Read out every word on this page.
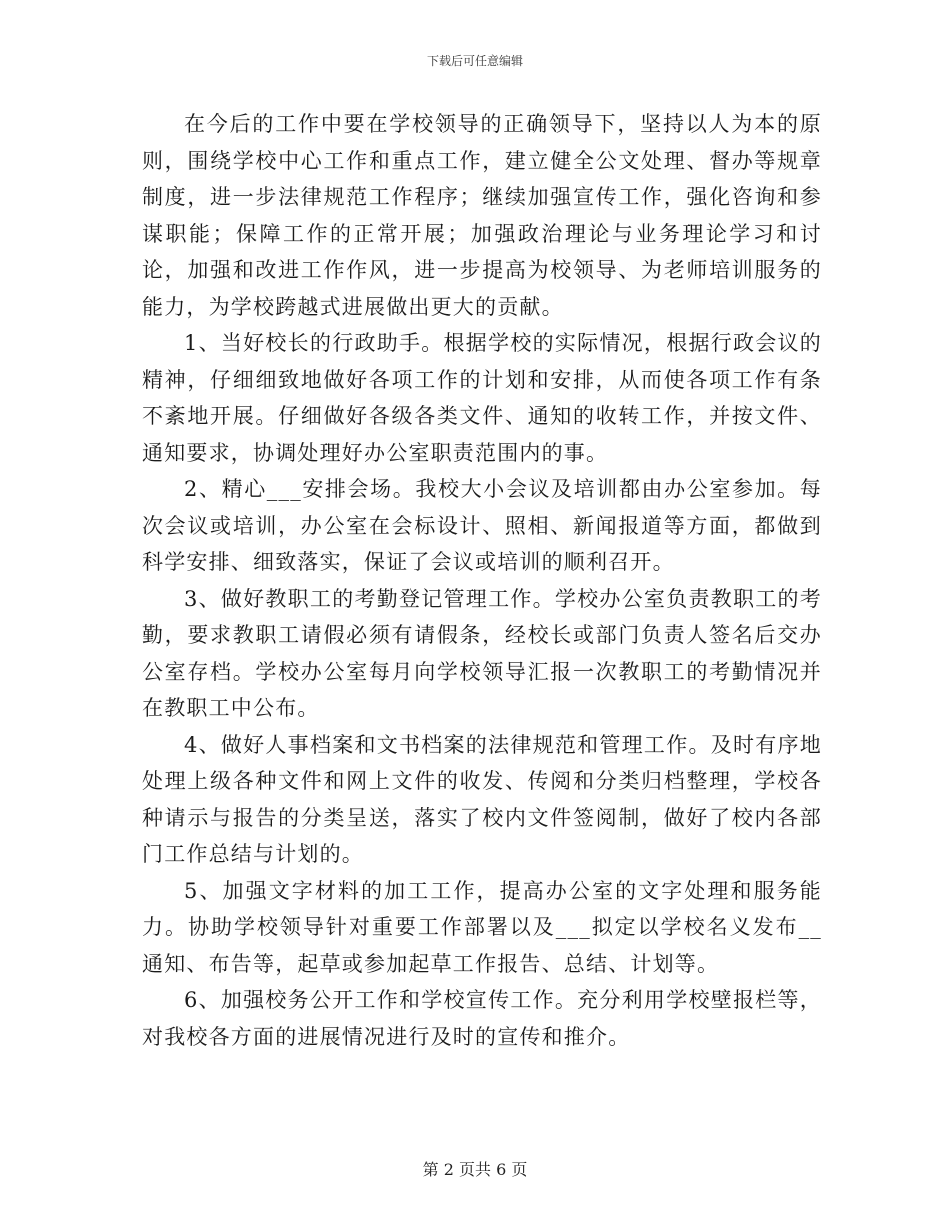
下载后可任意编辑

在今后的工作中要在学校领导的正确领导下，坚持以人为本的原则，围绕学校中心工作和重点工作，建立健全公文处理、督办等规章制度，进一步法律规范工作程序；继续加强宣传工作，强化咨询和参谋职能；保障工作的正常开展；加强政治理论与业务理论学习和讨论，加强和改进工作作风，进一步提高为校领导、为老师培训服务的能力，为学校跨越式进展做出更大的贡献。

1、当好校长的行政助手。根据学校的实际情况，根据行政会议的精神，仔细细致地做好各项工作的计划和安排，从而使各项工作有条不紊地开展。仔细做好各级各类文件、通知的收转工作，并按文件、通知要求，协调处理好办公室职责范围内的事。

2、精心___安排会场。我校大小会议及培训都由办公室参加。每次会议或培训，办公室在会标设计、照相、新闻报道等方面，都做到科学安排、细致落实，保证了会议或培训的顺利召开。

3、做好教职工的考勤登记管理工作。学校办公室负责教职工的考勤，要求教职工请假必须有请假条，经校长或部门负责人签名后交办公室存档。学校办公室每月向学校领导汇报一次教职工的考勤情况并在教职工中公布。

4、做好人事档案和文书档案的法律规范和管理工作。及时有序地处理上级各种文件和网上文件的收发、传阅和分类归档整理，学校各种请示与报告的分类呈送，落实了校内文件签阅制，做好了校内各部门工作总结与计划的。

5、加强文字材料的加工工作，提高办公室的文字处理和服务能力。协助学校领导针对重要工作部署以及___拟定以学校名义发布__通知、布告等，起草或参加起草工作报告、总结、计划等。

6、加强校务公开工作和学校宣传工作。充分利用学校壁报栏等，对我校各方面的进展情况进行及时的宣传和推介。

第 2 页共 6 页
